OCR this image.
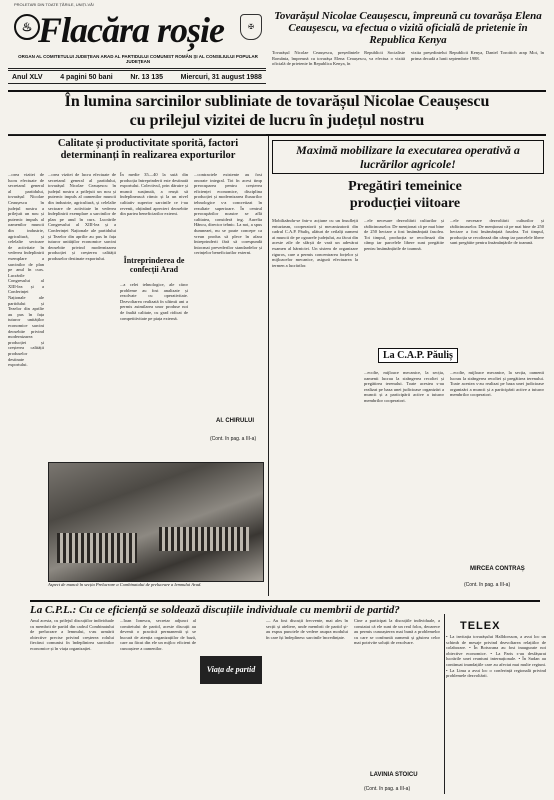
PROLETARI DIN TOATE ȚĂRILE, UNIȚI-VĂ!
♨ Flacăra roșie	✠
ORGAN AL COMITETULUI JUDEȚEAN ARAD AL PARTIDULUI COMUNIST ROMÂN ȘI AL CONSILIULUI POPULAR JUDEȚEAN
Anul XLV	4 pagini 50 bani	Nr. 13 135	Miercuri, 31 august 1988
Tovarășul Nicolae Ceaușescu, împreună cu tovarășa Elena Ceaușescu, va efectua o vizită oficială de prietenie în Republica Kenya
Tovarășul Nicolae Ceaușescu, președintele Republicii Socialiste România, împreună cu tovarășa Elena Ceaușescu, va efectua o vizită oficială de prietenie în Republica Kenya, în
vizita președintelui Republicii Kenya, Daniel Toroitich arap Moi, în prima decadă a lunii septembrie 1988.
În lumina sarcinilor subliniate de tovarășul Nicolae Ceaușescu
cu prilejul vizitei de lucru în județul nostru
Calitate și productivitate sporită, factori determinanți în realizarea exporturilor
...orea vizitei de lucru efectuate de secretarul general al partidului, tovarășul Nicolae Ceaușescu în județul nostru a prilejuit un nou și puternic impuls al oamenilor muncii din industrie, agricultură, și celelalte sectoare de activitate în vederea îndeplinirii exemplare a sarcinilor de plan pe anul în curs. Lucrările Congresului al XIII-lea și a Conferinței Naționale ale partidului și Tezelor din aprilie au pus în fața tuturor unităților economice sarcini deosebite privind modernizarea producției și creșterea calității produselor destinate exportului.
...orea vizitei de lucru efectuate de secretarul general al partidului, tovarășul Nicolae Ceaușescu în județul nostru a prilejuit un nou și puternic impuls al oamenilor muncii din industrie, agricultură, și celelalte sectoare de activitate în vederea îndeplinirii exemplare a sarcinilor de plan pe anul în curs. Lucrările Congresului al XIII-lea și a Conferinței Naționale ale partidului și Tezelor din aprilie au pus în fața tuturor unităților economice sarcini deosebite privind modernizarea producției și creșterea calității produselor destinate exportului.
În medie 35—40 la sută din producția întreprinderii este destinată exportului. Colectivul, prin dăruire și muncă susținută, a reușit să îndeplinească ritmic și la un nivel calitativ superior sarcinile ce i-au revenit, obținând aprecieri deosebite din partea beneficiarilor externi.
Întreprinderea de confecții Arad
...a celei tehnologice, ale căror probleme au fost analizate și rezolvate cu operativitate. Dezvoltarea realizată în ultimii ani a permis asimilarea unor produse noi de înaltă calitate, cu grad ridicat de competitivitate pe piața externă.
...contractele existente au fost onorate integral. Tot în acest timp preocuparea pentru creșterea eficienței economice, disciplina producției și modernizarea fluxurilor tehnologice s-a concretizat în rezultate superioare. În centrul preocupărilor noastre se află calitatea, consideră ing. Aurelia Hâncu, director tehnic. La noi, a spus dumneaei, nu se poate concepe ca vreun produs să plece în afara întreprinderii fără să corespundă întocmai prevederilor standardelor și cerințelor beneficiarilor externi.
Al. CHIRULUI
(Cont. în pag. a III-a)
Aspect de muncă în secția Prelucrare a Combinatului de prelucrare a lemnului Arad.
Maximă mobilizare la executarea operativă a lucrărilor agricole!
Pregătiri temeinice producției viitoare
Mobilizându-se într-o acțiune cu un însuflețit entuziasm, cooperatorii și mecanizatorii din cadrul C.A.P. Păuliș, alături de ceilalți oameni ai muncii de pe ogoarele județului, au făcut din aceste zile de sfârșit de vară un adevărat examen al hărniciei. Un sistem de organizare riguros, care a permis concentrarea forțelor și mijloacelor mecanice, asigură efectuarea la termen a lucrărilor.
...ele necesare dezvoltării culturilor și rădăcinoaselor. De menționat că pe mai bine de 250 hectare a fost însămânțată fasolea. Tot timpul, producția se recoltează din câmp iar parcelele libere sunt pregătite pentru însămânțările de toamnă.
...ele necesare dezvoltării culturilor și rădăcinoaselor. De menționat că pe mai bine de 250 hectare a fost însămânțată fasolea. Tot timpul, producția se recoltează din câmp iar parcelele libere sunt pregătite pentru însămânțările de toamnă.
La C.A.P. Păuliș
...ecolte, mijloace mecanice, la secția, oamenii lucrau la strângerea recoltei și pregătirea terenului. Toate acestea s-au realizat pe baza unei judicioase organizări a muncii și a participării active a tuturor membrilor cooperatori.
...ecolte, mijloace mecanice, la secția, oamenii lucrau la strângerea recoltei și pregătirea terenului. Toate acestea s-au realizat pe baza unei judicioase organizări a muncii și a participării active a tuturor membrilor cooperatori.
MIRCEA CONTRAȘ
(Cont. în pag. a III-a)
La C.P.L.: Cu ce eficiență se soldează discuțiile individuale cu membrii de partid?
Anul acesta, cu prilejul discuțiilor individuale cu membrii de partid din cadrul Combinatului de prelucrare a lemnului, s-au urmărit obiective precise privind creșterea rolului fiecărui comunist în îndeplinirea sarcinilor economice și în viața organizației.
...Ioan Ionescu, secretar adjunct al comitetului de partid, aceste discuții au devenit o practică permanentă și se bucură de atenția organizațiilor de bază, care au făcut din ele un mijloc eficient de cunoaștere a oamenilor.
Viața de partid
— Au fost discuții frecvente, mai ales în secții și ateliere, unde membrii de partid și-au expus punctele de vedere asupra modului în care își îndeplinesc sarcinile încredințate.
Cine a participat la discuțiile individuale, a constatat că ele sunt de un real folos, deoarece au permis cunoașterea mai bună a problemelor cu care se confruntă oamenii și găsirea celor mai potrivite soluții de rezolvare.
LAVINIA STOICU
(Cont. în pag. a III-a)
TELEX
• La invitația tovarășului Halldorsson, a avut loc un schimb de mesaje privind dezvoltarea relațiilor de colaborare. • În Botswana au fost inaugurate noi obiective economice. • La Paris s-au desfășurat lucrările unei reuniuni internaționale. • În Sudan au continuat inundațiile care au afectat mai multe regiuni. • La Lima a avut loc o conferință regională privind problemele dezvoltării.
